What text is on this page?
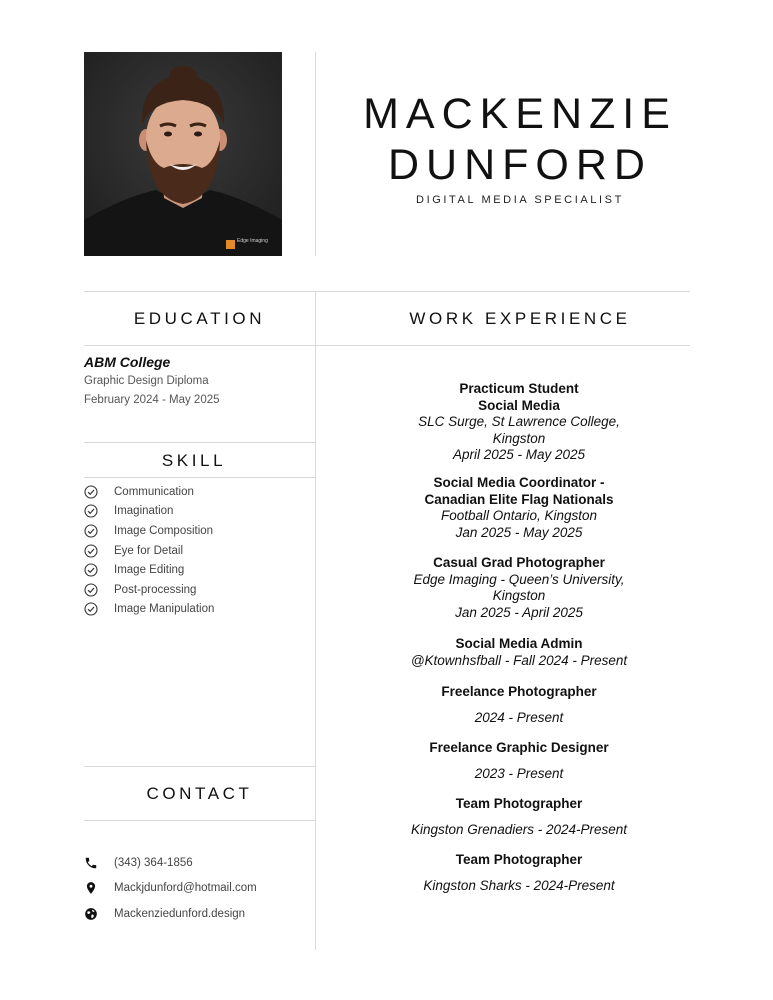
Edge Imaging
MACKENZIE
DUNFORD
DIGITAL MEDIA SPECIALIST
EDUCATION	WORK EXPERIENCE
SKILL
CONTACT
ABM College
Graphic Design Diploma
February 2024 - May 2025
Communication
Imagination
Image Composition
Eye for Detail
Image Editing
Post-processing
Image Manipulation
(343) 364-1856
Mackjdunford@hotmail.com
Mackenziedunford.design
Practicum Student
Social Media
SLC Surge, St Lawrence College,
Kingston
April 2025 - May 2025
Social Media Coordinator -
Canadian Elite Flag Nationals
Football Ontario, Kingston
Jan 2025 - May 2025
Casual Grad Photographer
Edge Imaging - Queen’s University,
Kingston
Jan 2025 - April 2025
Social Media Admin
@Ktownhsfball - Fall 2024 - Present
Freelance Photographer
2024 - Present
Freelance Graphic Designer
2023 - Present
Team Photographer
Kingston Grenadiers - 2024-Present
Team Photographer
Kingston Sharks - 2024-Present
